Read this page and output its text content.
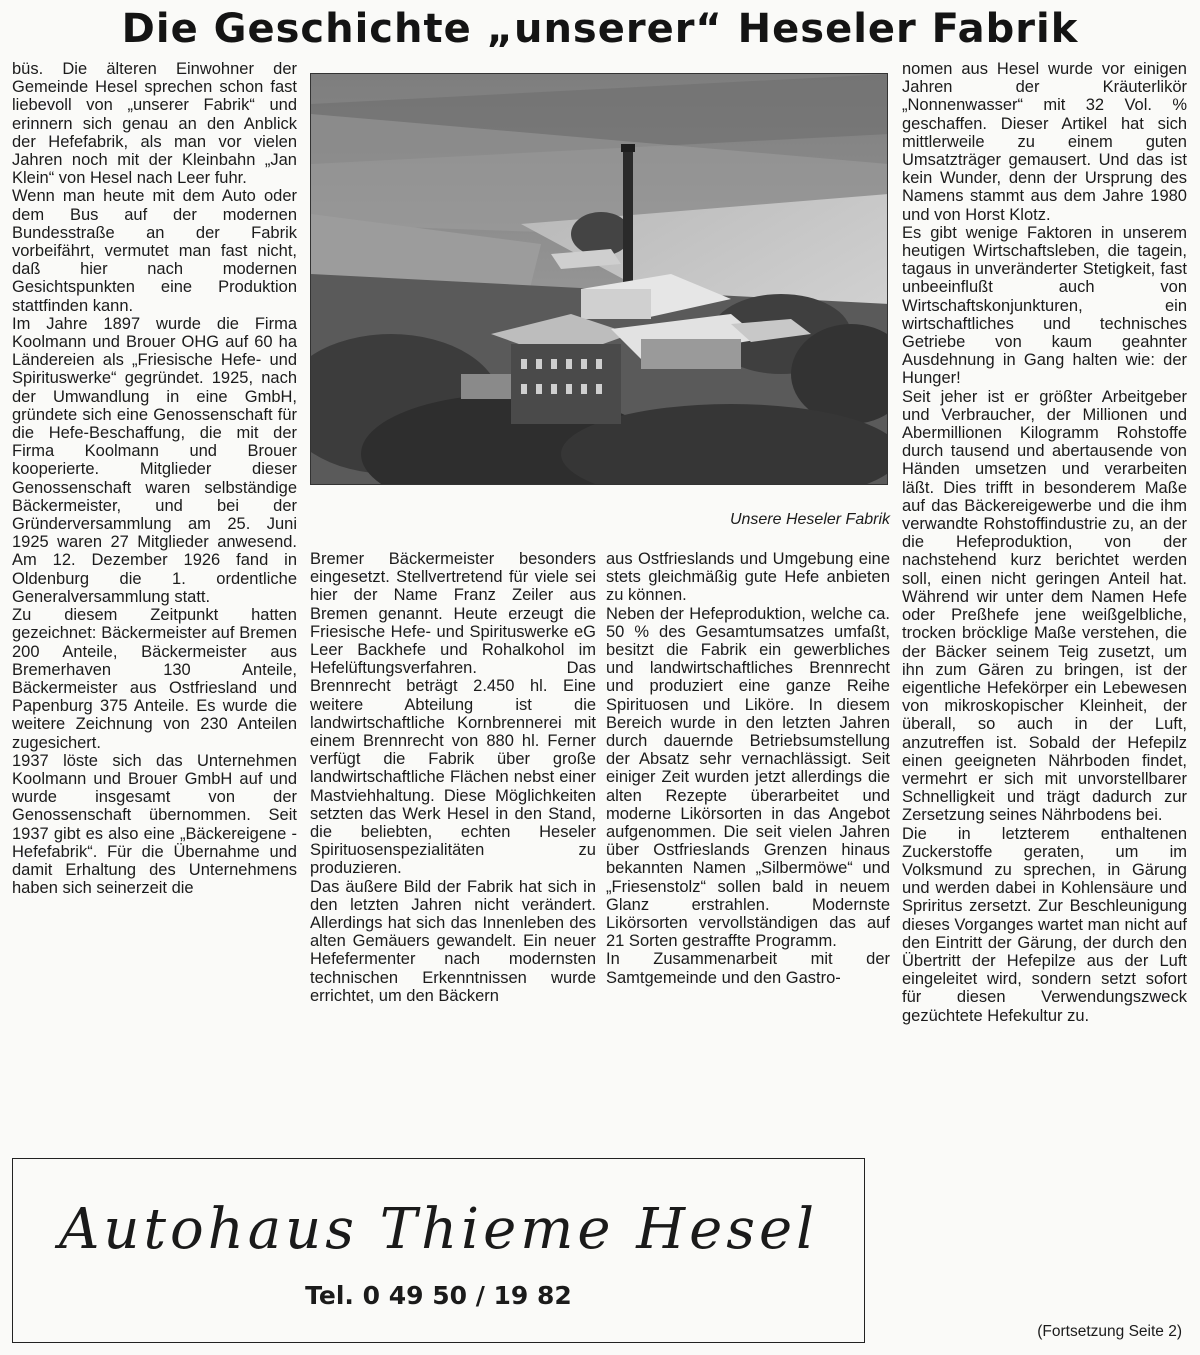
Die Geschichte „unserer“ Heseler Fabrik

büs. Die älteren Einwohner der Gemeinde Hesel sprechen schon fast liebevoll von „unserer Fabrik“ und erinnern sich genau an den Anblick der Hefefabrik, als man vor vielen Jahren noch mit der Kleinbahn „Jan Klein“ von Hesel nach Leer fuhr.

Wenn man heute mit dem Auto oder dem Bus auf der modernen Bundesstraße an der Fabrik vorbeifährt, vermutet man fast nicht, daß hier nach modernen Gesichtspunkten eine Produktion stattfinden kann.

Im Jahre 1897 wurde die Firma Koolmann und Brouer OHG auf 60 ha Ländereien als „Friesische Hefe- und Spirituswerke“ gegründet. 1925, nach der Umwandlung in eine GmbH, gründete sich eine Genossenschaft für die Hefe-Beschaffung, die mit der Firma Koolmann und Brouer kooperierte. Mitglieder dieser Genossenschaft waren selbständige Bäckermeister, und bei der Gründerversammlung am 25. Juni 1925 waren 27 Mitglieder anwesend. Am 12. Dezember 1926 fand in Oldenburg die 1. ordentliche Generalversammlung statt.

Zu diesem Zeitpunkt hatten gezeichnet: Bäckermeister auf Bremen 200 Anteile, Bäckermeister aus Bremerhaven 130 Anteile, Bäckermeister aus Ostfriesland und Papenburg 375 Anteile. Es wurde die weitere Zeichnung von 230 Anteilen zugesichert.

1937 löste sich das Unternehmen Koolmann und Brouer GmbH auf und wurde insgesamt von der Genossenschaft übernommen. Seit 1937 gibt es also eine „Bäckereigene - Hefefabrik“. Für die Übernahme und damit Erhaltung des Unternehmens haben sich seinerzeit die

Unsere Heseler Fabrik

Bremer Bäckermeister besonders eingesetzt. Stellvertretend für viele sei hier der Name Franz Zeiler aus Bremen genannt. Heute erzeugt die Friesische Hefe- und Spirituswerke eG Leer Backhefe und Rohalkohol im Hefelüftungsverfahren. Das Brennrecht beträgt 2.450 hl. Eine weitere Abteilung ist die landwirtschaftliche Kornbrennerei mit einem Brennrecht von 880 hl. Ferner verfügt die Fabrik über große landwirtschaftliche Flächen nebst einer Mastviehhaltung. Diese Möglichkeiten setzten das Werk Hesel in den Stand, die beliebten, echten Heseler Spirituosenspezialitäten zu produzieren.

Das äußere Bild der Fabrik hat sich in den letzten Jahren nicht verändert. Allerdings hat sich das Innenleben des alten Gemäuers gewandelt. Ein neuer Hefefermenter nach modernsten technischen Erkenntnissen wurde errichtet, um den Bäckern

aus Ostfrieslands und Umgebung eine stets gleichmäßig gute Hefe anbieten zu können.

Neben der Hefeproduktion, welche ca. 50 % des Gesamtumsatzes umfaßt, besitzt die Fabrik ein gewerbliches und landwirtschaftliches Brennrecht und produziert eine ganze Reihe Spirituosen und Liköre. In diesem Bereich wurde in den letzten Jahren durch dauernde Betriebsumstellung der Absatz sehr vernachlässigt. Seit einiger Zeit wurden jetzt allerdings die alten Rezepte überarbeitet und moderne Likörsorten in das Angebot aufgenommen. Die seit vielen Jahren über Ostfrieslands Grenzen hinaus bekannten Namen „Silbermöwe“ und „Friesenstolz“ sollen bald in neuem Glanz erstrahlen. Modernste Likörsorten vervollständigen das auf 21 Sorten gestraffte Programm.

In Zusammenarbeit mit der Samtgemeinde und den Gastro-

nomen aus Hesel wurde vor einigen Jahren der Kräuterlikör „Nonnenwasser“ mit 32 Vol. % geschaffen. Dieser Artikel hat sich mittlerweile zu einem guten Umsatzträger gemausert. Und das ist kein Wunder, denn der Ursprung des Namens stammt aus dem Jahre 1980 und von Horst Klotz.

Es gibt wenige Faktoren in unserem heutigen Wirtschaftsleben, die tagein, tagaus in unveränderter Stetigkeit, fast unbeeinflußt auch von Wirtschaftskonjunkturen, ein wirtschaftliches und technisches Getriebe von kaum geahnter Ausdehnung in Gang halten wie: der Hunger!

Seit jeher ist er größter Arbeitgeber und Verbraucher, der Millionen und Abermillionen Kilogramm Rohstoffe durch tausend und abertausende von Händen umsetzen und verarbeiten läßt. Dies trifft in besonderem Maße auf das Bäckereigewerbe und die ihm verwandte Rohstoffindustrie zu, an der die Hefeproduktion, von der nachstehend kurz berichtet werden soll, einen nicht geringen Anteil hat. Während wir unter dem Namen Hefe oder Preßhefe jene weißgelbliche, trocken bröcklige Maße verstehen, die der Bäcker seinem Teig zusetzt, um ihn zum Gären zu bringen, ist der eigentliche Hefekörper ein Lebewesen von mikroskopischer Kleinheit, der überall, so auch in der Luft, anzutreffen ist. Sobald der Hefepilz einen geeigneten Nährboden findet, vermehrt er sich mit unvorstellbarer Schnelligkeit und trägt dadurch zur Zersetzung seines Nährbodens bei.

Die in letzterem enthaltenen Zuckerstoffe geraten, um im Volksmund zu sprechen, in Gärung und werden dabei in Kohlensäure und Spriritus zersetzt. Zur Beschleunigung dieses Vorganges wartet man nicht auf den Eintritt der Gärung, der durch den Übertritt der Hefepilze aus der Luft eingeleitet wird, sondern setzt sofort für diesen Verwendungszweck gezüchtete Hefekultur zu.

Autohaus Thieme Hesel
Tel. 0 49 50 / 19 82
(Fortsetzung Seite 2)
